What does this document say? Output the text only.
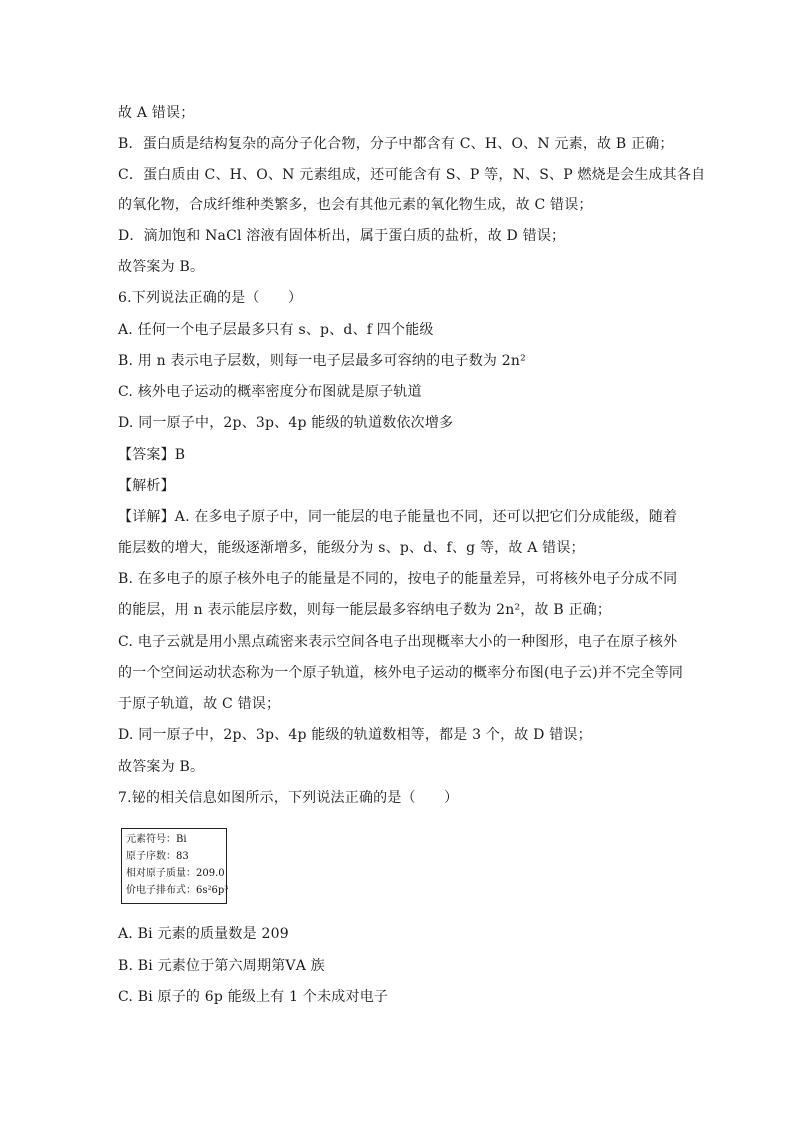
故 A 错误；
B．蛋白质是结构复杂的高分子化合物，分子中都含有 C、H、O、N 元素，故 B 正确；
C．蛋白质由 C、H、O、N 元素组成，还可能含有 S、P 等，N、S、P 燃烧是会生成其各自
的氧化物，合成纤维种类繁多，也会有其他元素的氧化物生成，故 C 错误；
D．滴加饱和 NaCl 溶液有固体析出，属于蛋白质的盐析，故 D 错误；
故答案为 B。
6.下列说法正确的是（　　）
A. 任何一个电子层最多只有 s、p、d、f 四个能级
B. 用 n 表示电子层数，则每一电子层最多可容纳的电子数为 2n²
C. 核外电子运动的概率密度分布图就是原子轨道
D. 同一原子中，2p、3p、4p 能级的轨道数依次增多
【答案】B
【解析】
【详解】A. 在多电子原子中，同一能层的电子能量也不同，还可以把它们分成能级，随着
能层数的增大，能级逐渐增多，能级分为 s、p、d、f、g 等，故 A 错误；
B. 在多电子的原子核外电子的能量是不同的，按电子的能量差异，可将核外电子分成不同
的能层，用 n 表示能层序数，则每一能层最多容纳电子数为 2n²，故 B 正确；
C. 电子云就是用小黑点疏密来表示空间各电子出现概率大小的一种图形，电子在原子核外
的一个空间运动状态称为一个原子轨道，核外电子运动的概率分布图(电子云)并不完全等同
于原子轨道，故 C 错误；
D. 同一原子中，2p、3p、4p 能级的轨道数相等，都是 3 个，故 D 错误；
故答案为 B。
7.铋的相关信息如图所示，下列说法正确的是（　　）
元素符号：Bi
原子序数：83
相对原子质量：209.0
价电子排布式：6s²6p³
A. Bi 元素的质量数是 209
B. Bi 元素位于第六周期第ⅤA 族
C. Bi 原子的 6p 能级上有 1 个未成对电子
